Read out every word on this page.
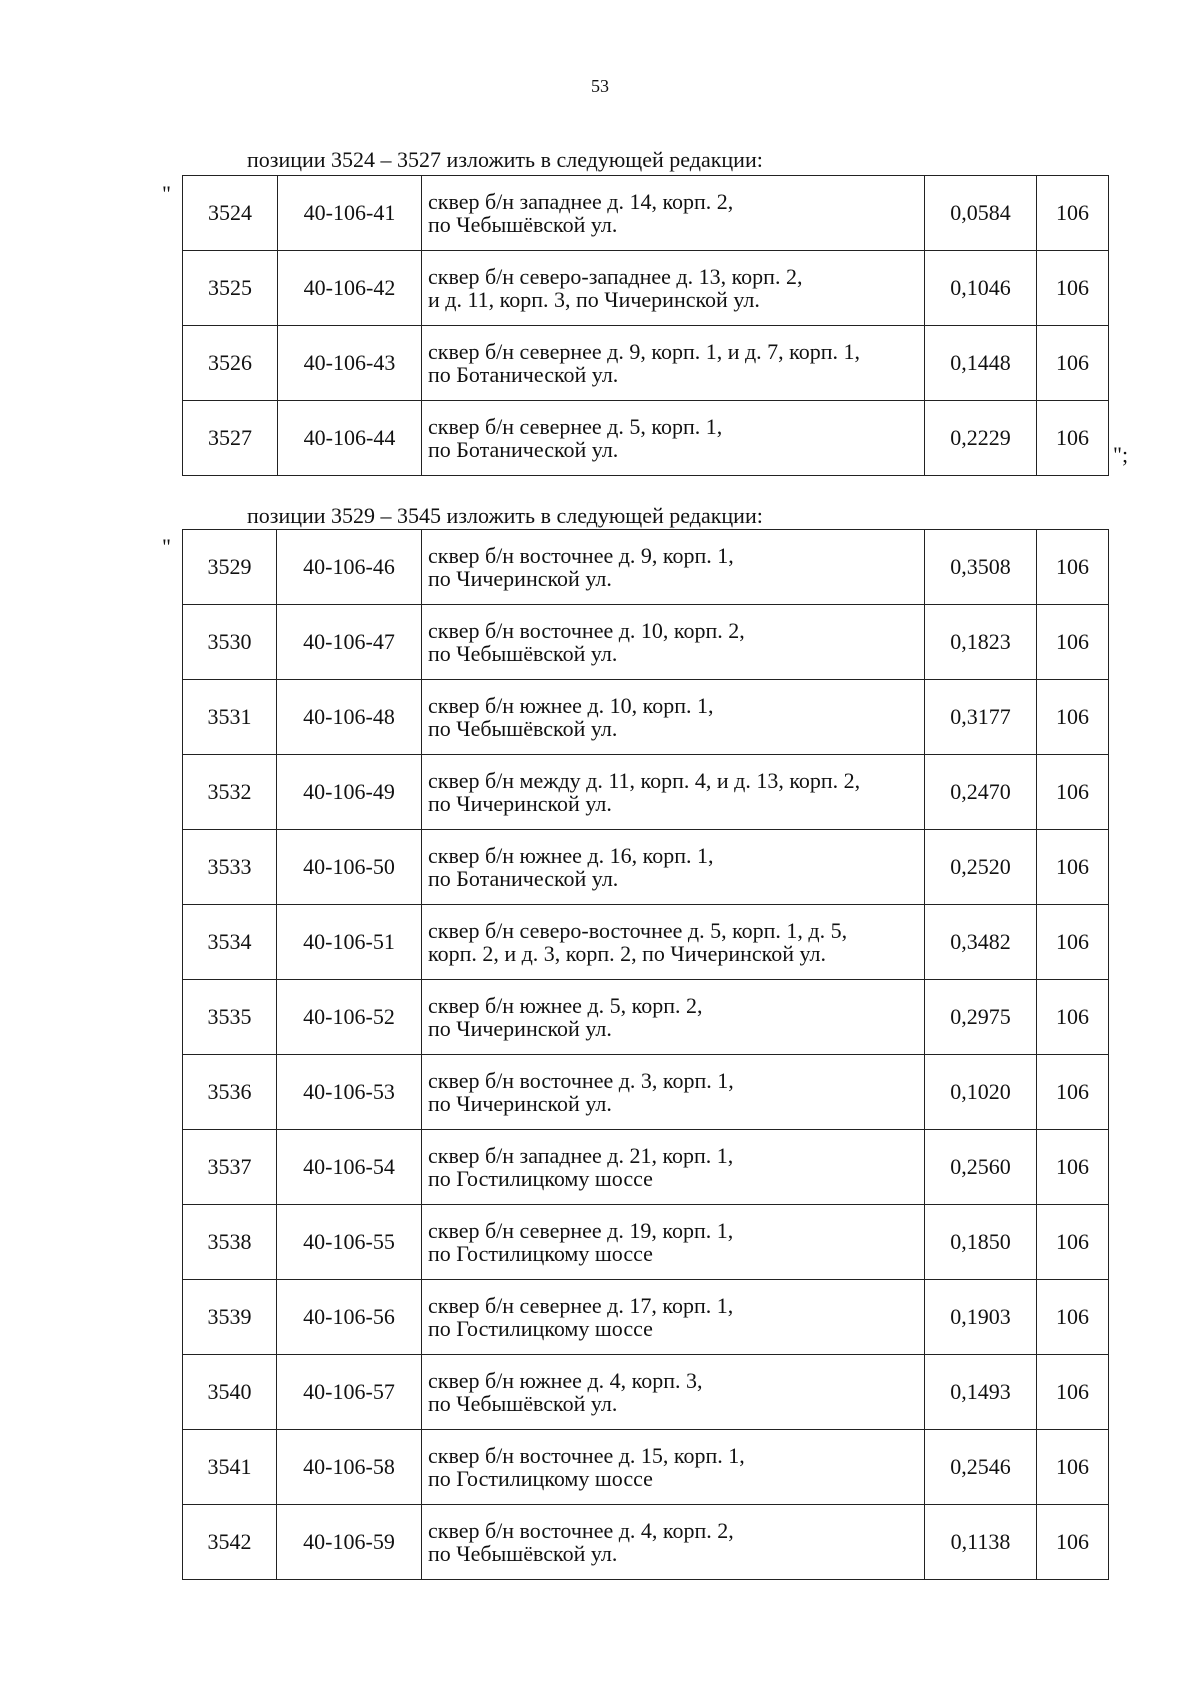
53
позиции 3524 – 3527 изложить в следующей редакции:
"
3524	40-106-41	сквер б/н западнее д. 14, корп. 2,
по Чебышёвской ул.	0,0584	106
3525	40-106-42	сквер б/н северо-западнее д. 13, корп. 2,
и д. 11, корп. 3, по Чичеринской ул.	0,1046	106
3526	40-106-43	сквер б/н севернее д. 9, корп. 1, и д. 7, корп. 1,
по Ботанической ул.	0,1448	106
3527	40-106-44	сквер б/н севернее д. 5, корп. 1,
по Ботанической ул.	0,2229	106
";
позиции 3529 – 3545 изложить в следующей редакции:
"
3529	40-106-46	сквер б/н восточнее д. 9, корп. 1,
по Чичеринской ул.	0,3508	106
3530	40-106-47	сквер б/н восточнее д. 10, корп. 2,
по Чебышёвской ул.	0,1823	106
3531	40-106-48	сквер б/н южнее д. 10, корп. 1,
по Чебышёвской ул.	0,3177	106
3532	40-106-49	сквер б/н между д. 11, корп. 4, и д. 13, корп. 2,
по Чичеринской ул.	0,2470	106
3533	40-106-50	сквер б/н южнее д. 16, корп. 1,
по Ботанической ул.	0,2520	106
3534	40-106-51	сквер б/н северо-восточнее д. 5, корп. 1, д. 5,
корп. 2, и д. 3, корп. 2, по Чичеринской ул.	0,3482	106
3535	40-106-52	сквер б/н южнее д. 5, корп. 2,
по Чичеринской ул.	0,2975	106
3536	40-106-53	сквер б/н восточнее д. 3, корп. 1,
по Чичеринской ул.	0,1020	106
3537	40-106-54	сквер б/н западнее д. 21, корп. 1,
по Гостилицкому шоссе	0,2560	106
3538	40-106-55	сквер б/н севернее д. 19, корп. 1,
по Гостилицкому шоссе	0,1850	106
3539	40-106-56	сквер б/н севернее д. 17, корп. 1,
по Гостилицкому шоссе	0,1903	106
3540	40-106-57	сквер б/н южнее д. 4, корп. 3,
по Чебышёвской ул.	0,1493	106
3541	40-106-58	сквер б/н восточнее д. 15, корп. 1,
по Гостилицкому шоссе	0,2546	106
3542	40-106-59	сквер б/н восточнее д. 4, корп. 2,
по Чебышёвской ул.	0,1138	106
